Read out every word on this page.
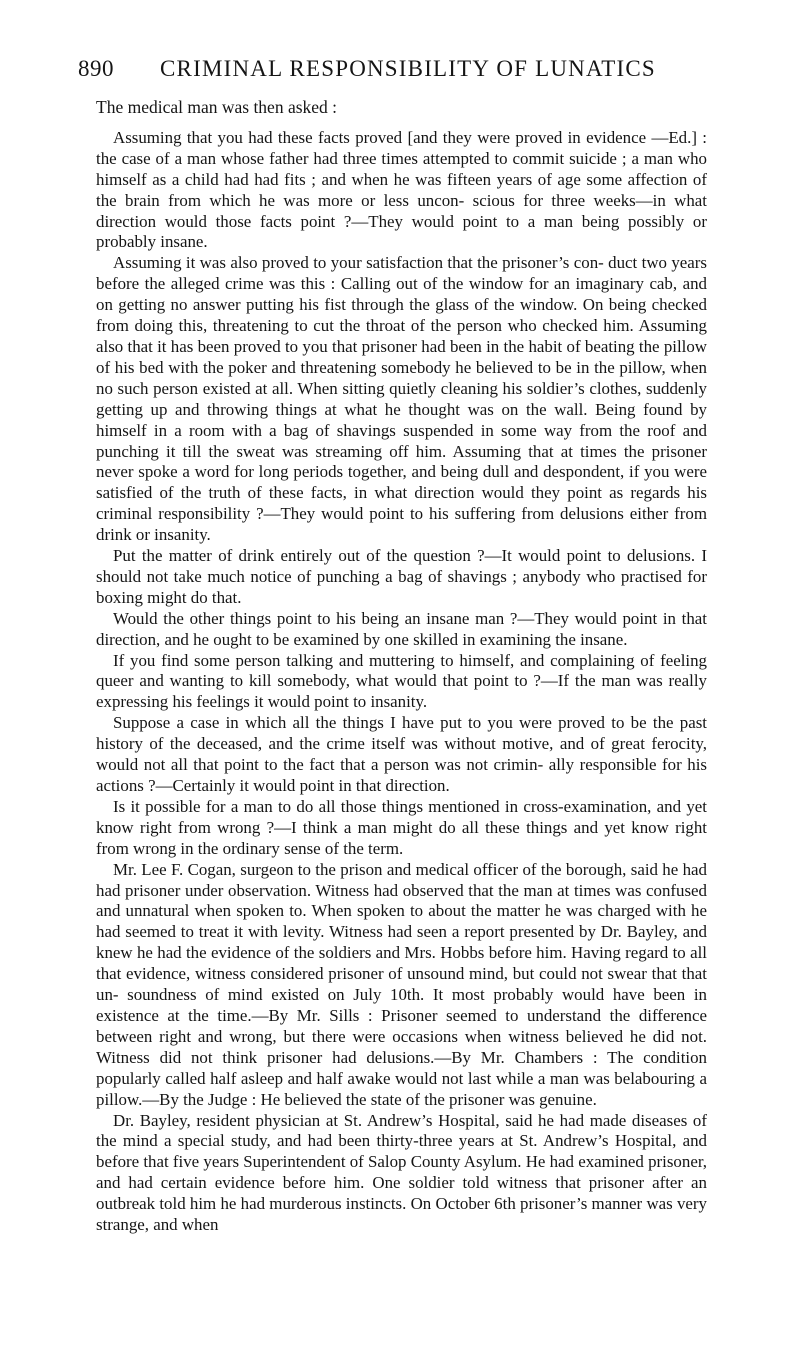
890 CRIMINAL RESPONSIBILITY OF LUNATICS

The medical man was then asked :

Assuming that you had these facts proved [and they were proved in evidence —Ed.] : the case of a man whose father had three times attempted to commit suicide ; a man who himself as a child had had fits ; and when he was fifteen years of age some affection of the brain from which he was more or less uncon- scious for three weeks—in what direction would those facts point ?—They would point to a man being possibly or probably insane.

Assuming it was also proved to your satisfaction that the prisoner’s con- duct two years before the alleged crime was this : Calling out of the window for an imaginary cab, and on getting no answer putting his fist through the glass of the window. On being checked from doing this, threatening to cut the throat of the person who checked him. Assuming also that it has been proved to you that prisoner had been in the habit of beating the pillow of his bed with the poker and threatening somebody he believed to be in the pillow, when no such person existed at all. When sitting quietly cleaning his soldier’s clothes, suddenly getting up and throwing things at what he thought was on the wall. Being found by himself in a room with a bag of shavings suspended in some way from the roof and punching it till the sweat was streaming off him. Assuming that at times the prisoner never spoke a word for long periods together, and being dull and despondent, if you were satisfied of the truth of these facts, in what direction would they point as regards his criminal responsibility ?—They would point to his suffering from delusions either from drink or insanity.

Put the matter of drink entirely out of the question ?—It would point to delusions. I should not take much notice of punching a bag of shavings ; anybody who practised for boxing might do that.

Would the other things point to his being an insane man ?—They would point in that direction, and he ought to be examined by one skilled in examining the insane.

If you find some person talking and muttering to himself, and complaining of feeling queer and wanting to kill somebody, what would that point to ?—If the man was really expressing his feelings it would point to insanity.

Suppose a case in which all the things I have put to you were proved to be the past history of the deceased, and the crime itself was without motive, and of great ferocity, would not all that point to the fact that a person was not crimin- ally responsible for his actions ?—Certainly it would point in that direction.

Is it possible for a man to do all those things mentioned in cross-examination, and yet know right from wrong ?—I think a man might do all these things and yet know right from wrong in the ordinary sense of the term.

Mr. Lee F. Cogan, surgeon to the prison and medical officer of the borough, said he had had prisoner under observation. Witness had observed that the man at times was confused and unnatural when spoken to. When spoken to about the matter he was charged with he had seemed to treat it with levity. Witness had seen a report presented by Dr. Bayley, and knew he had the evidence of the soldiers and Mrs. Hobbs before him. Having regard to all that evidence, witness considered prisoner of unsound mind, but could not swear that that un- soundness of mind existed on July 10th. It most probably would have been in existence at the time.—By Mr. Sills : Prisoner seemed to understand the difference between right and wrong, but there were occasions when witness believed he did not. Witness did not think prisoner had delusions.—By Mr. Chambers : The condition popularly called half asleep and half awake would not last while a man was belabouring a pillow.—By the Judge : He believed the state of the prisoner was genuine.

Dr. Bayley, resident physician at St. Andrew’s Hospital, said he had made diseases of the mind a special study, and had been thirty-three years at St. Andrew’s Hospital, and before that five years Superintendent of Salop County Asylum. He had examined prisoner, and had certain evidence before him. One soldier told witness that prisoner after an outbreak told him he had murderous instincts. On October 6th prisoner’s manner was very strange, and when
